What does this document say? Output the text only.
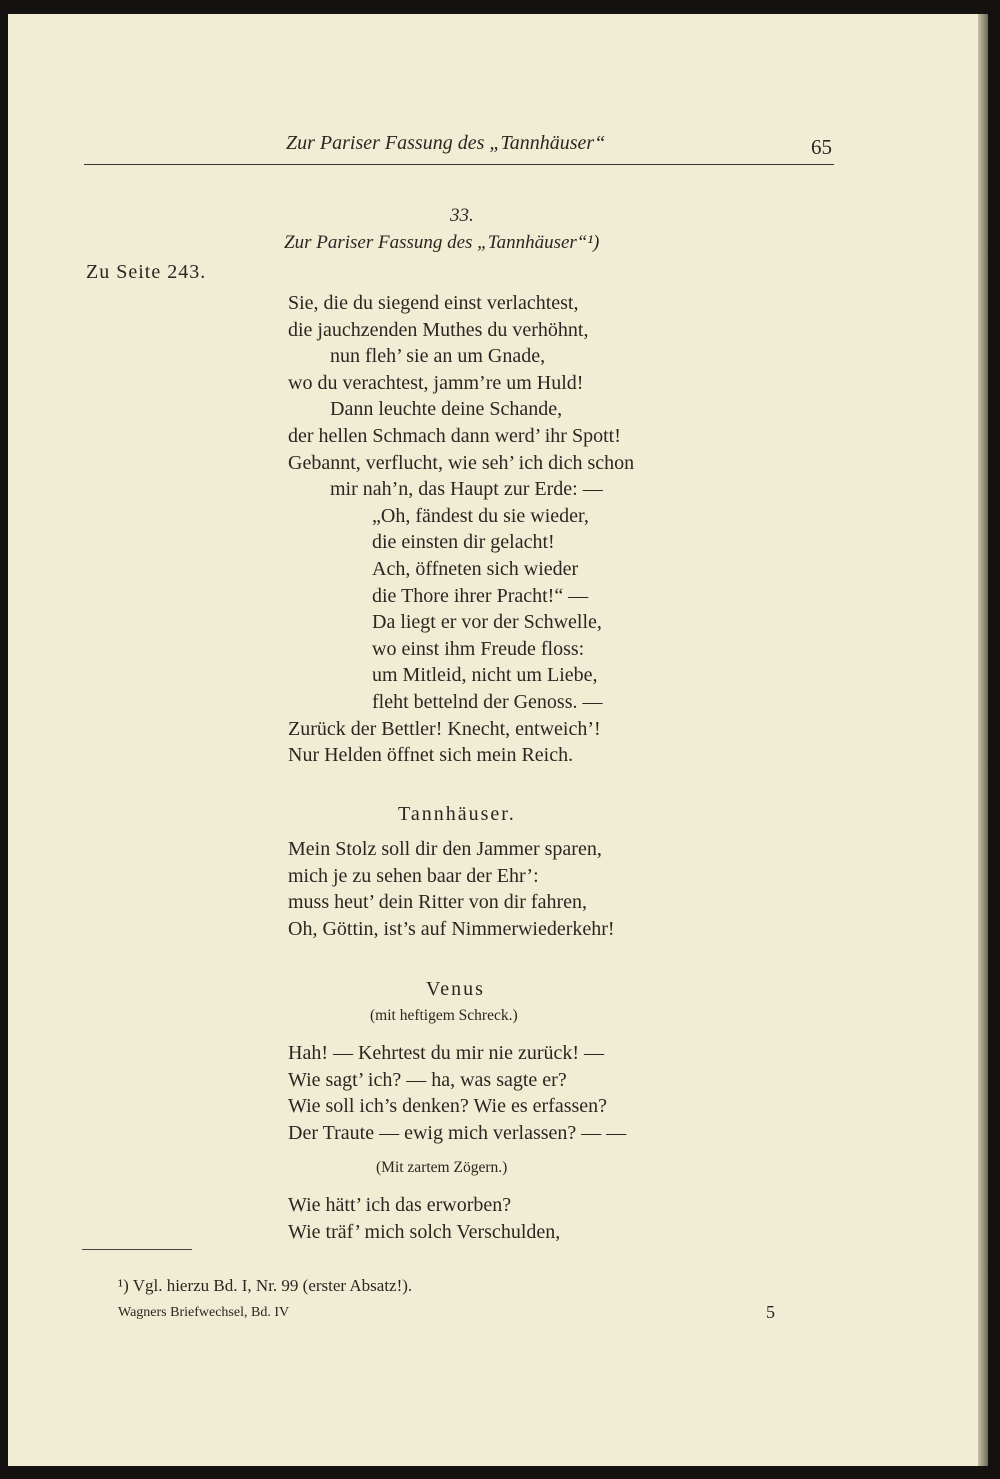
Zur Pariser Fassung des „Tannhäuser“	65
33.
Zur Pariser Fassung des „Tannhäuser“¹)
Zu Seite 243.
Sie, die du siegend einst verlachtest,
die jauchzenden Muthes du verhöhnt,
nun fleh’ sie an um Gnade,
wo du verachtest, jamm’re um Huld!
Dann leuchte deine Schande,
der hellen Schmach dann werd’ ihr Spott!
Gebannt, verflucht, wie seh’ ich dich schon
mir nah’n, das Haupt zur Erde: —
„Oh, fändest du sie wieder,
die einsten dir gelacht!
Ach, öffneten sich wieder
die Thore ihrer Pracht!“ —
Da liegt er vor der Schwelle,
wo einst ihm Freude floss:
um Mitleid, nicht um Liebe,
fleht bettelnd der Genoss. —
Zurück der Bettler! Knecht, entweich’!
Nur Helden öffnet sich mein Reich.
Tannhäuser.
Mein Stolz soll dir den Jammer sparen,
mich je zu sehen baar der Ehr’:
muss heut’ dein Ritter von dir fahren,
Oh, Göttin, ist’s auf Nimmerwiederkehr!
Venus
(mit heftigem Schreck.)
Hah! — Kehrtest du mir nie zurück! —
Wie sagt’ ich? — ha, was sagte er?
Wie soll ich’s denken? Wie es erfassen?
Der Traute — ewig mich verlassen? — —
(Mit zartem Zögern.)
Wie hätt’ ich das erworben?
Wie träf’ mich solch Verschulden,
¹) Vgl. hierzu Bd. I, Nr. 99 (erster Absatz!).
Wagners Briefwechsel, Bd. IV	5
